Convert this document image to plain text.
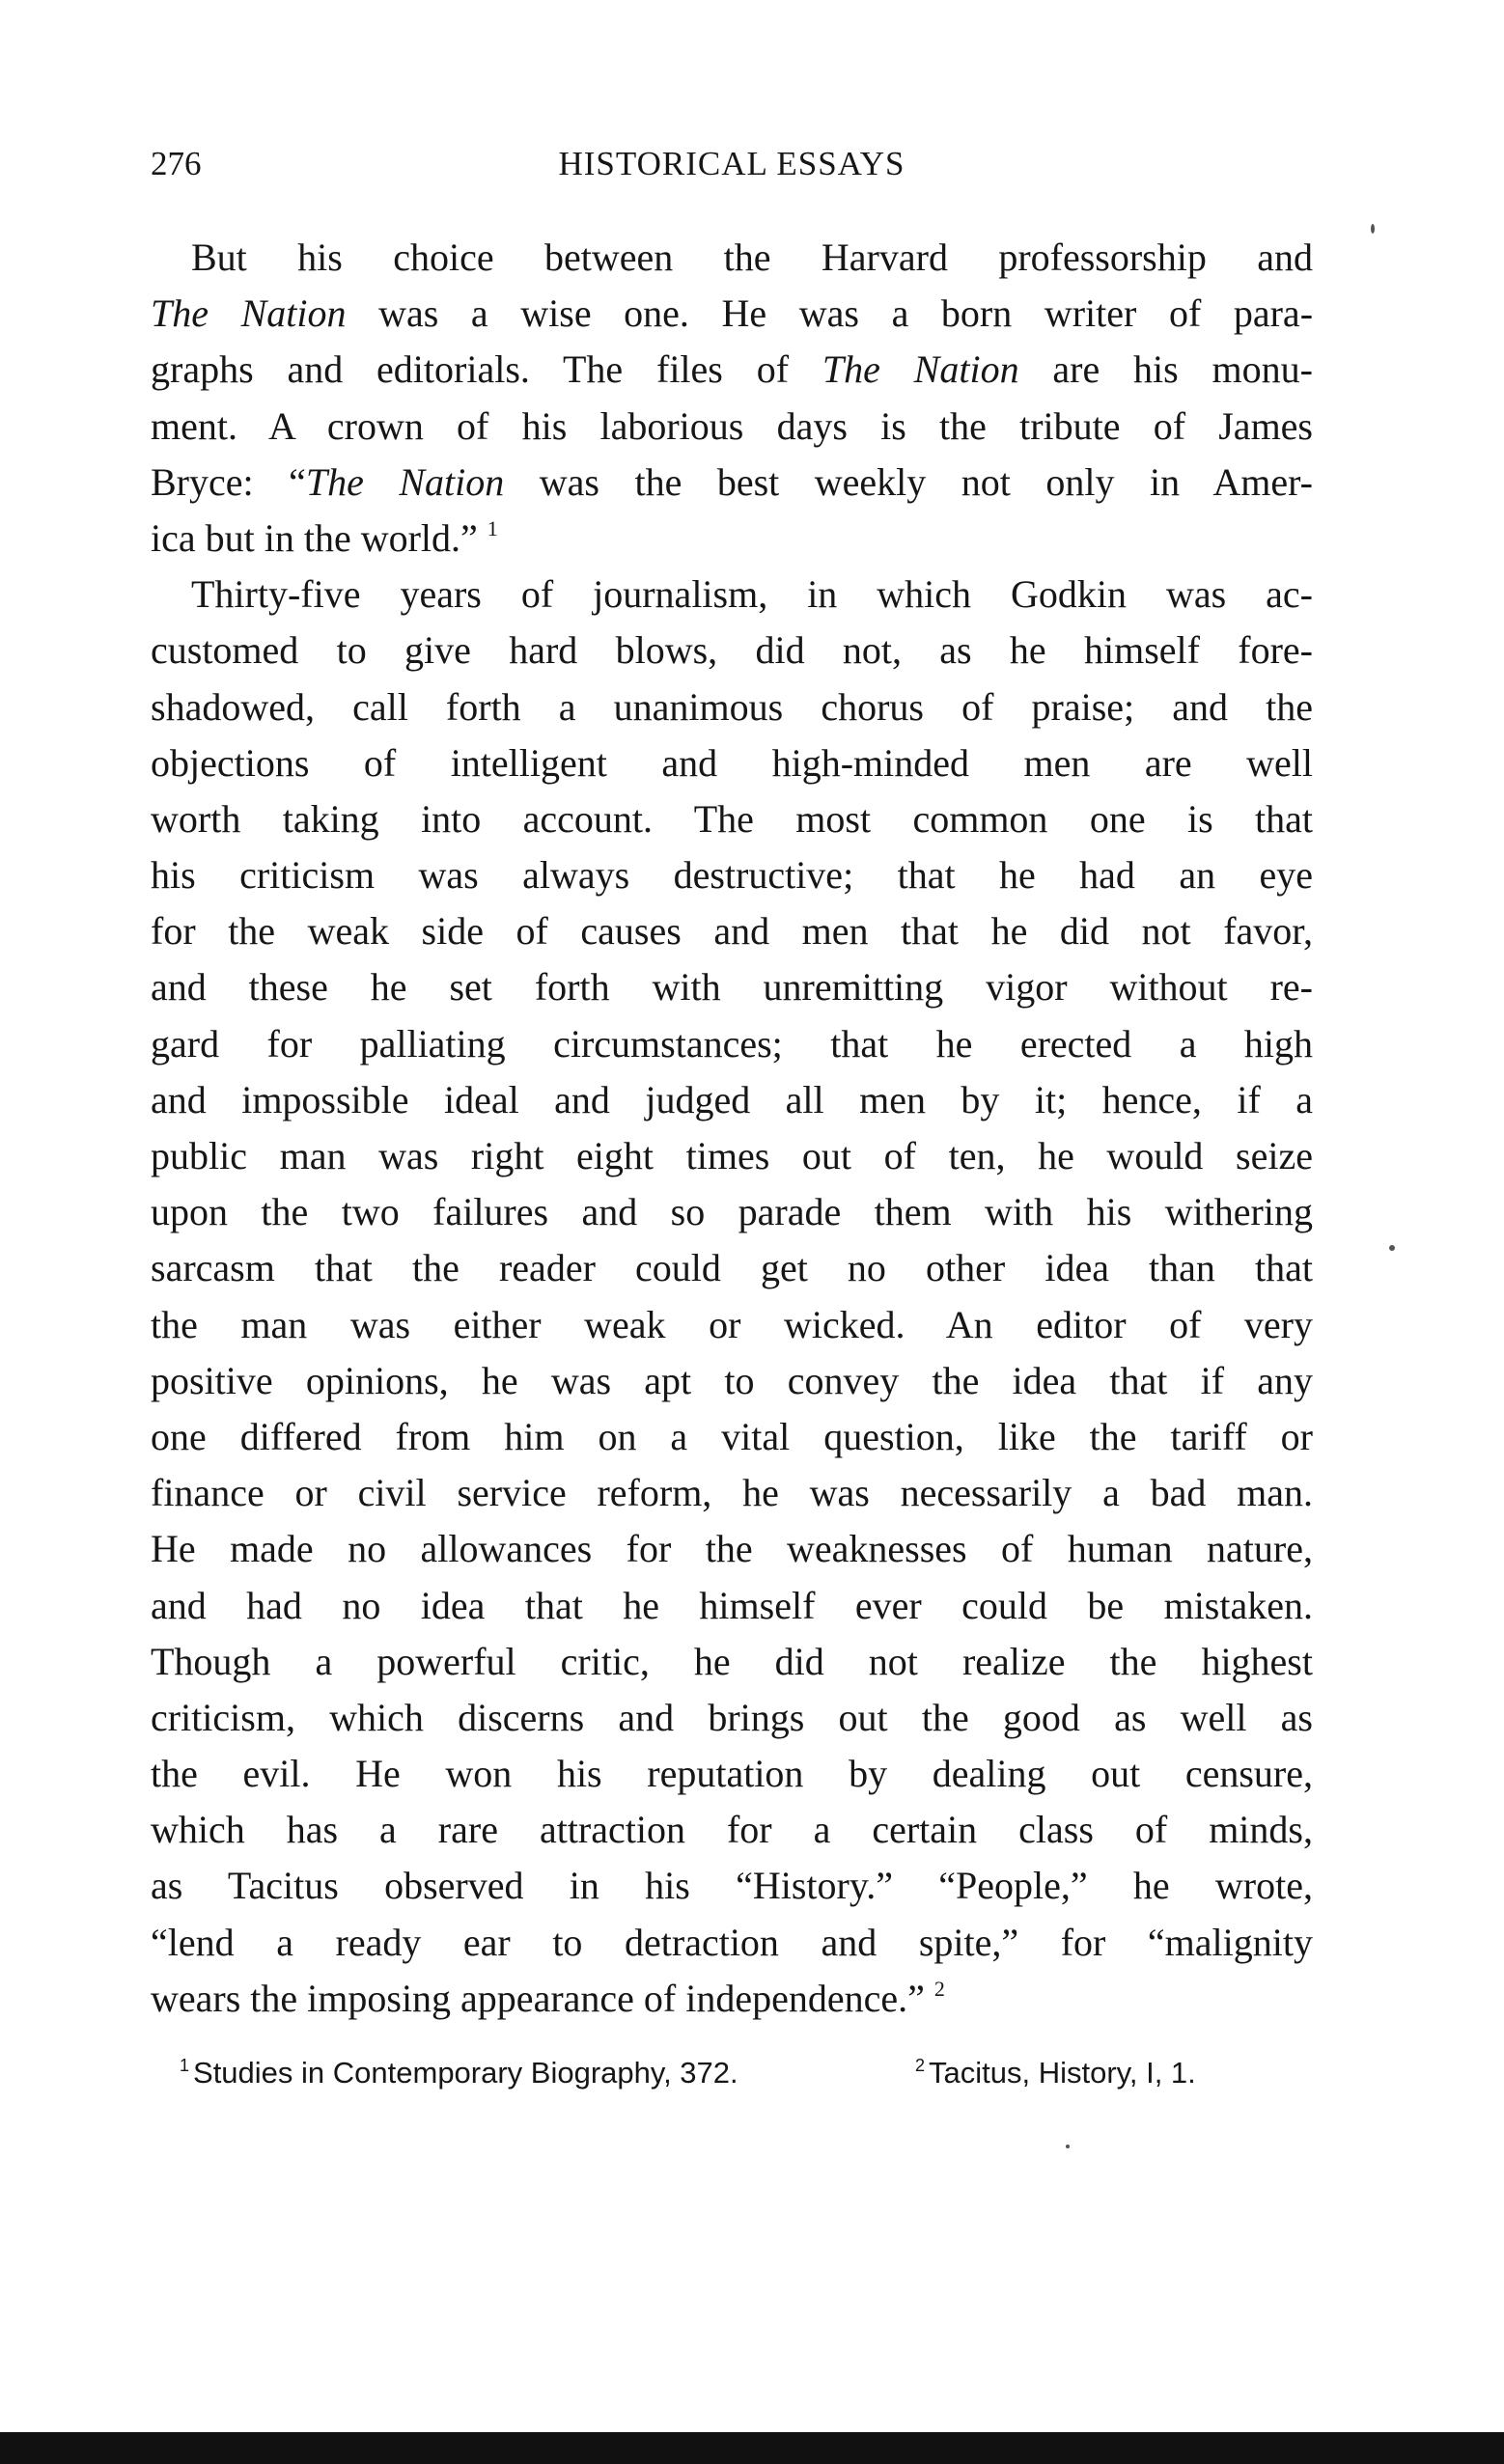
276	HISTORICAL ESSAYS
But his choice between the Harvard professorship and
The Nation was a wise one. He was a born writer of para-
graphs and editorials. The files of The Nation are his monu-
ment. A crown of his laborious days is the tribute of James
Bryce: “The Nation was the best weekly not only in Amer-
ica but in the world.” $^1$
Thirty-five years of journalism, in which Godkin was ac-
customed to give hard blows, did not, as he himself fore-
shadowed, call forth a unanimous chorus of praise; and the
objections of intelligent and high-minded men are well
worth taking into account. The most common one is that
his criticism was always destructive; that he had an eye
for the weak side of causes and men that he did not favor,
and these he set forth with unremitting vigor without re-
gard for palliating circumstances; that he erected a high
and impossible ideal and judged all men by it; hence, if a
public man was right eight times out of ten, he would seize
upon the two failures and so parade them with his withering
sarcasm that the reader could get no other idea than that
the man was either weak or wicked. An editor of very
positive opinions, he was apt to convey the idea that if any
one differed from him on a vital question, like the tariff or
finance or civil service reform, he was necessarily a bad man.
He made no allowances for the weaknesses of human nature,
and had no idea that he himself ever could be mistaken.
Though a powerful critic, he did not realize the highest
criticism, which discerns and brings out the good as well as
the evil. He won his reputation by dealing out censure,
which has a rare attraction for a certain class of minds,
as Tacitus observed in his “History.” “People,” he wrote,
“lend a ready ear to detraction and spite,” for “malignity
wears the imposing appearance of independence.” $^2$
$^1$ Studies in Contemporary Biography, 372.	$^2$ Tacitus, History, I, 1.
